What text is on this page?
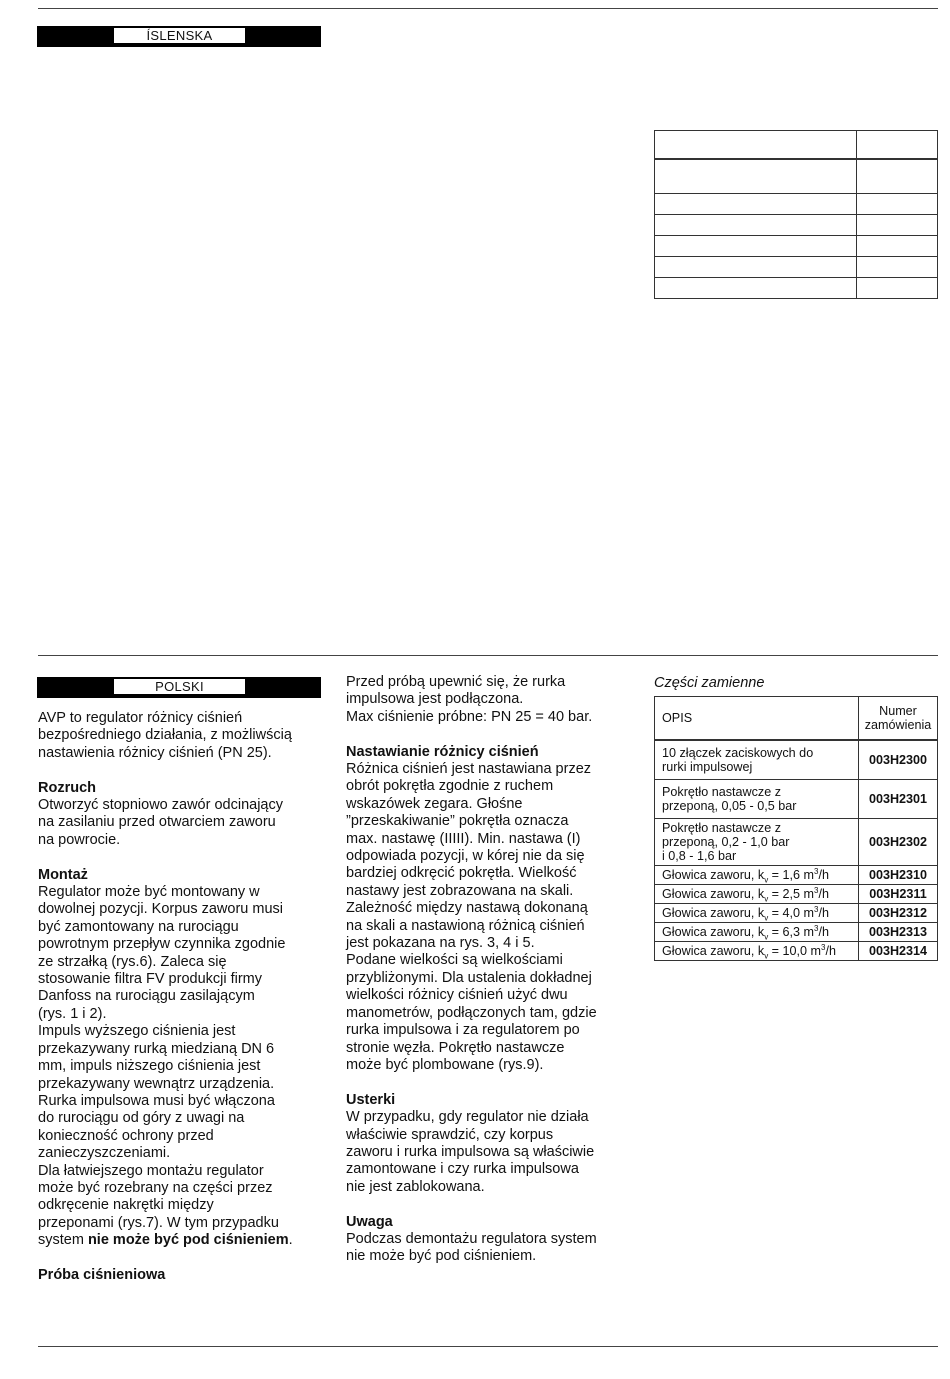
ÍSLENSKA

POLSKI

AVP to regulator różnicy ciśnień
bezpośredniego działania, z możliwścią
nastawienia różnicy ciśnień (PN 25).

Rozruch

Otworzyć stopniowo zawór odcinający
na zasilaniu przed otwarciem zaworu
na powrocie.

Montaż

Regulator może być montowany w
dowolnej pozycji. Korpus zaworu musi
być zamontowany na rurociągu
powrotnym przepływ czynnika zgodnie
ze strzałką (rys.6). Zaleca się
stosowanie filtra FV produkcji firmy
Danfoss na rurociągu zasilającym
(rys. 1 i 2).
Impuls wyższego ciśnienia jest
przekazywany rurką miedzianą DN 6
mm, impuls niższego ciśnienia jest
przekazywany wewnątrz urządzenia.
Rurka impulsowa musi być włączona
do rurociągu od góry z uwagi na
konieczność ochrony przed
zanieczyszczeniami.
Dla łatwiejszego montażu regulator
może być rozebrany na części przez
odkręcenie nakrętki między
przeponami (rys.7). W tym przypadku
system nie może być pod ciśnieniem.

Próba ciśnieniowa

Przed próbą upewnić się, że rurka
impulsowa jest podłączona.
Max ciśnienie próbne: PN 25 = 40 bar.

Nastawianie różnicy ciśnień

Różnica ciśnień jest nastawiana przez
obrót pokrętła zgodnie z ruchem
wskazówek zegara. Głośne
”przeskakiwanie” pokrętła oznacza
max. nastawę (IIIII). Min. nastawa (I)
odpowiada pozycji, w kórej nie da się
bardziej odkręcić pokrętła. Wielkość
nastawy jest zobrazowana na skali.
Zależność między nastawą dokonaną
na skali a nastawioną różnicą ciśnień
jest pokazana na rys. 3, 4 i 5.
Podane wielkości są wielkościami
przybliżonymi. Dla ustalenia dokładnej
wielkości różnicy ciśnień użyć dwu
manometrów, podłączonych tam, gdzie
rurka impulsowa i za regulatorem po
stronie węzła. Pokrętło nastawcze
może być plombowane (rys.9).

Usterki

W przypadku, gdy regulator nie działa
właściwie sprawdzić, czy korpus
zaworu i rurka impulsowa są właściwie
zamontowane i czy rurka impulsowa
nie jest zablokowana.

Uwaga

Podczas demontażu regulatora system
nie może być pod ciśnieniem.

Części zamienne
OPIS	Numer
zamówienia
10 złączek zaciskowych do
rurki impulsowej	003H2300
Pokrętło nastawcze z
przeponą, 0,05 - 0,5 bar	003H2301
Pokrętło nastawcze z
przeponą, 0,2 - 1,0 bar
i 0,8 - 1,6 bar	003H2302
Głowica zaworu, $k_v = 1,6$ $m^3/h$	003H2310
Głowica zaworu, $k_v = 2,5$ $m^3/h$	003H2311
Głowica zaworu, $k_v = 4,0$ $m^3/h$	003H2312
Głowica zaworu, $k_v = 6,3$ $m^3/h$	003H2313
Głowica zaworu, $k_v = 10,0$ $m^3/h$	003H2314
